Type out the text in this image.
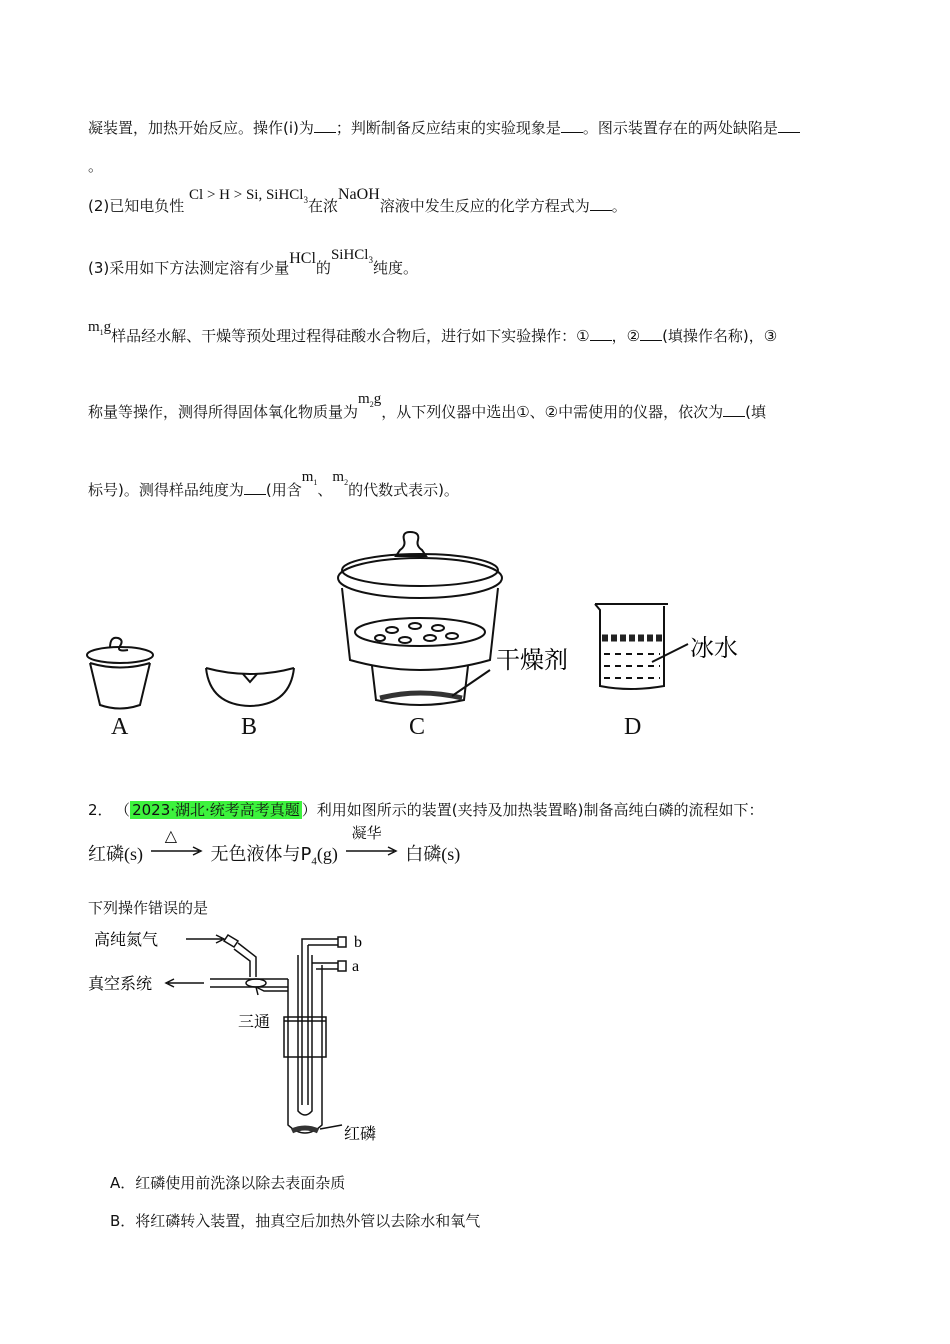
凝装置，加热开始反应。操作(ⅰ)为 ；判断制备反应结束的实验现象是 。图示装置存在的两处缺陷是
。
(2)已知电负性 Cl > H > Si, SiHCl$_3$在浓NaOH溶液中发生反应的化学方程式为 。
(3)采用如下方法测定溶有少量HCl的SiHCl$_3$纯度。
$m_1g$样品经水解、干燥等预处理过程得硅酸水合物后，进行如下实验操作：① ，② (填操作名称)，③
称量等操作，测得所得固体氧化物质量为$m_2g$，从下列仪器中选出①、②中需使用的仪器，依次为 (填
标号)。测得样品纯度为 (用含$m_1$、$m_2$的代数式表示)。
干燥剂	冰水
A	B	C	D
2． （ 2023·湖北·统考高考真题 ）利用如图所示的装置(夹持及加热装置略)制备高纯白磷的流程如下：
红磷(s)
△
无色液体与$P_4(g)$
凝华
白磷(s)
下列操作错误的是
高纯氮气
真空系统
三通
b
a
红磷
A．红磷使用前洗涤以除去表面杂质
B．将红磷转入装置，抽真空后加热外管以去除水和氧气
